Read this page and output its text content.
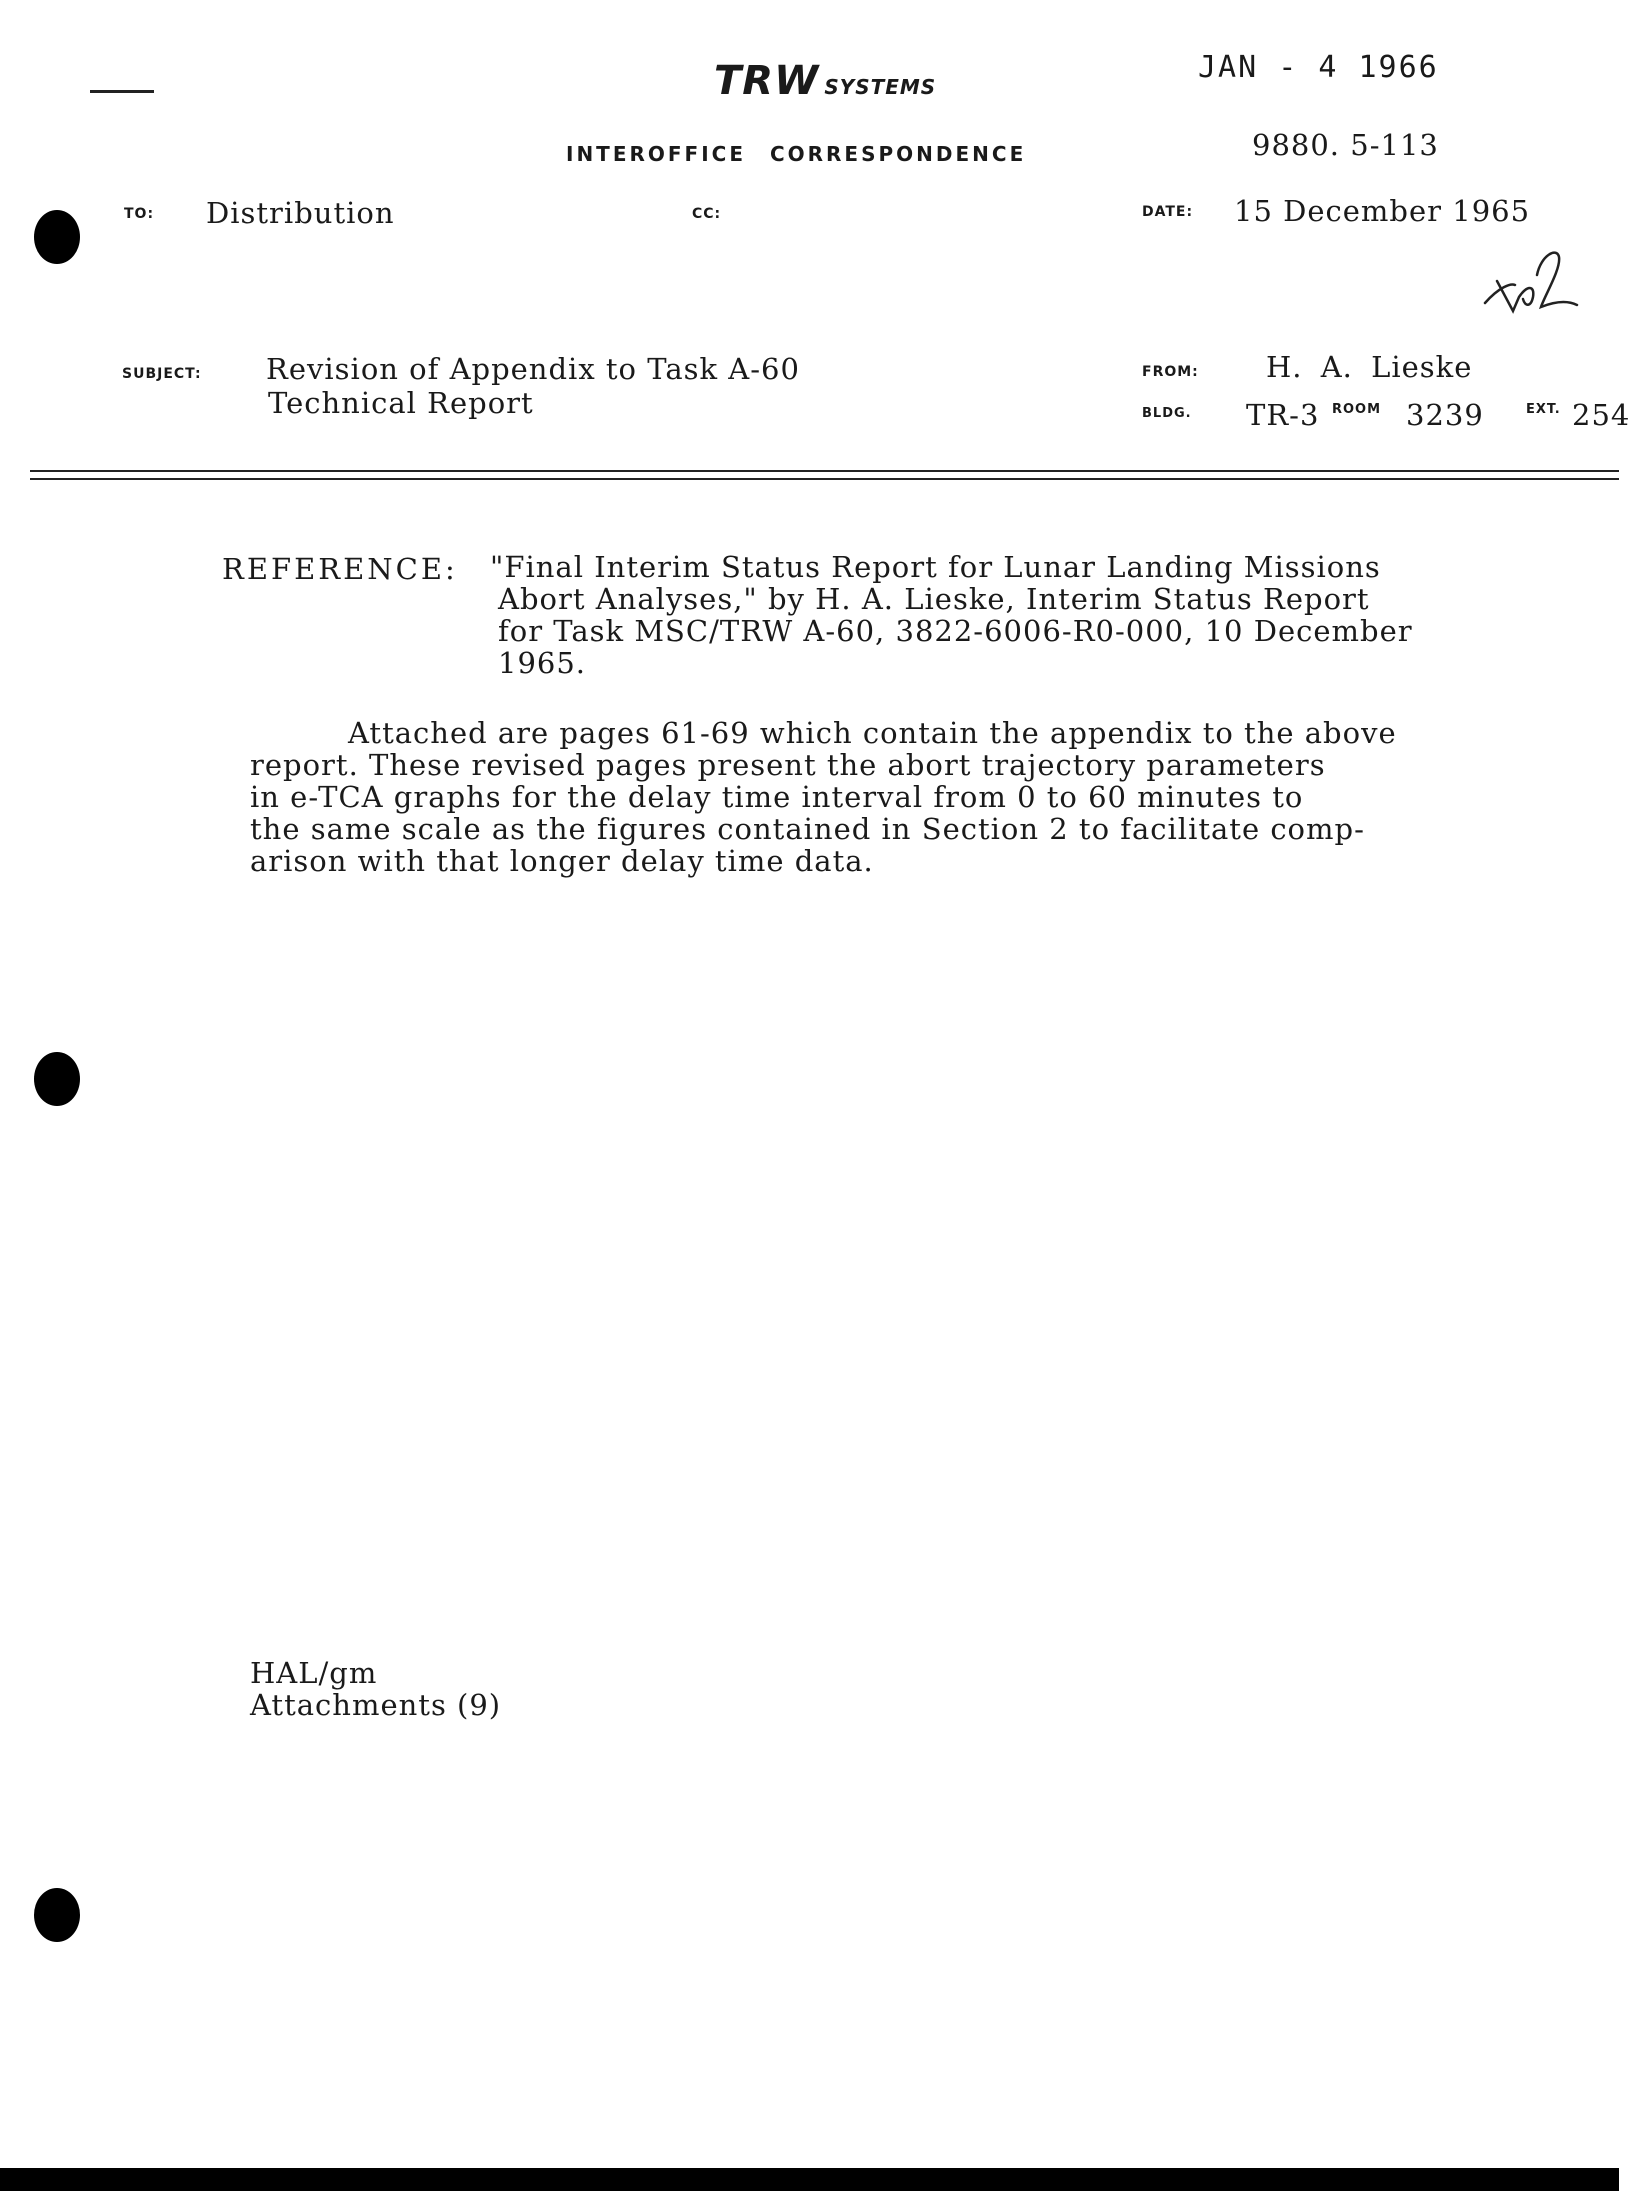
TRW SYSTEMS
JAN - 4 1966
INTEROFFICE CORRESPONDENCE	9880. 5-113
TO: Distribution	CC:	DATE: 15 December 1965
SUBJECT: Revision of Appendix to Task A-60
Technical Report
FROM: H. A. Lieske
BLDG. TR-3 ROOM 3239	EXT. 254
REFERENCE: "Final Interim Status Report for Lunar Landing Missions
Abort Analyses," by H. A. Lieske, Interim Status Report
for Task MSC/TRW A-60, 3822-6006-R0-000, 10 December
1965.
Attached are pages 61-69 which contain the appendix to the above
report. These revised pages present the abort trajectory parameters
in e-TCA graphs for the delay time interval from 0 to 60 minutes to
the same scale as the figures contained in Section 2 to facilitate comp-
arison with that longer delay time data.
HAL/gm
Attachments (9)
